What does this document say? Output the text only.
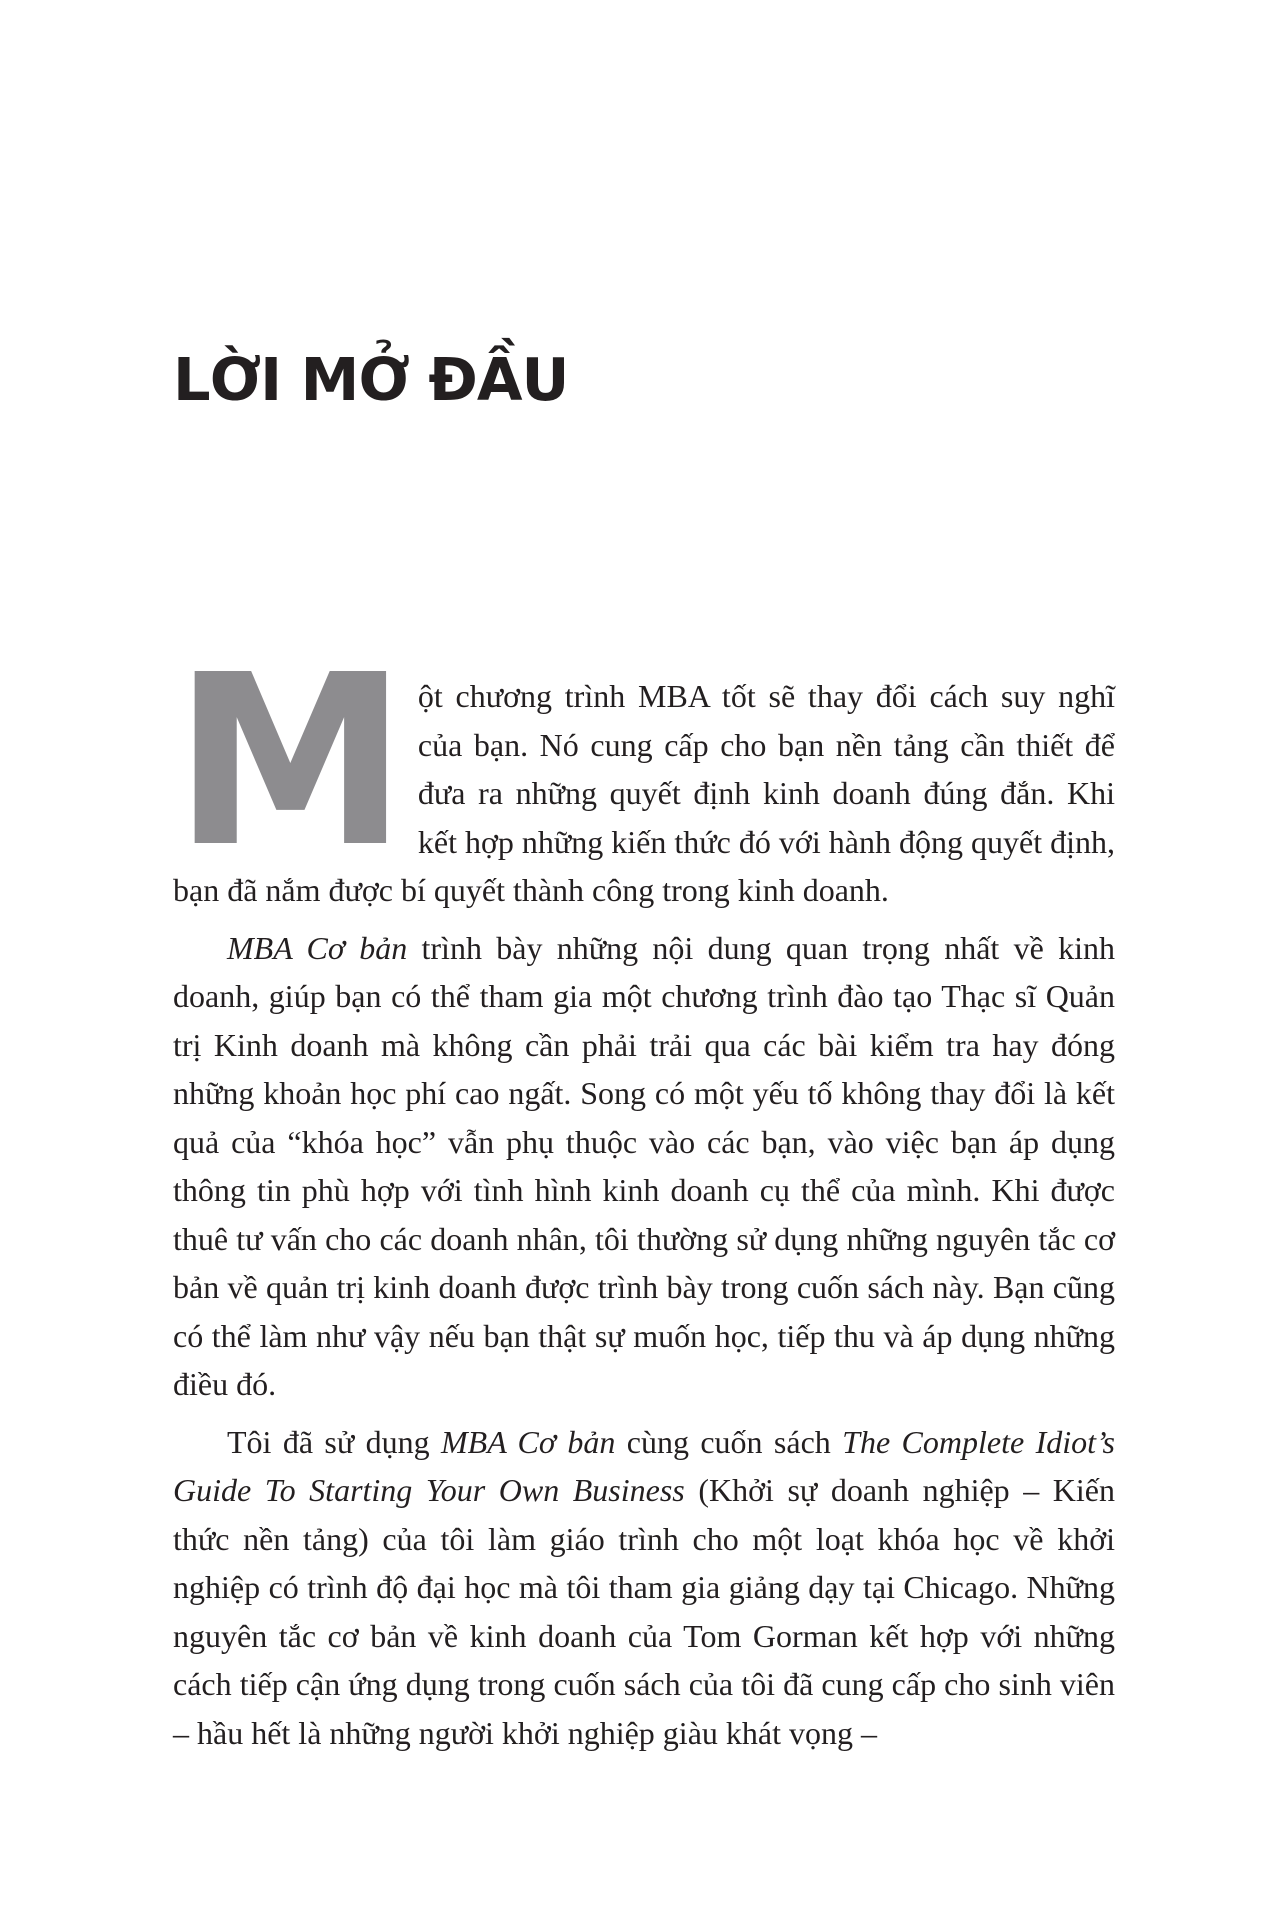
LỜI MỞ ĐẦU

Một chương trình MBA tốt sẽ thay đổi cách suy nghĩ của bạn. Nó cung cấp cho bạn nền tảng cần thiết để đưa ra những quyết định kinh doanh đúng đắn. Khi kết hợp những kiến thức đó với hành động quyết định, bạn đã nắm được bí quyết thành công trong kinh doanh.

MBA Cơ bản trình bày những nội dung quan trọng nhất về kinh doanh, giúp bạn có thể tham gia một chương trình đào tạo Thạc sĩ Quản trị Kinh doanh mà không cần phải trải qua các bài kiểm tra hay đóng những khoản học phí cao ngất. Song có một yếu tố không thay đổi là kết quả của “khóa học” vẫn phụ thuộc vào các bạn, vào việc bạn áp dụng thông tin phù hợp với tình hình kinh doanh cụ thể của mình. Khi được thuê tư vấn cho các doanh nhân, tôi thường sử dụng những nguyên tắc cơ bản về quản trị kinh doanh được trình bày trong cuốn sách này. Bạn cũng có thể làm như vậy nếu bạn thật sự muốn học, tiếp thu và áp dụng những điều đó.

Tôi đã sử dụng MBA Cơ bản cùng cuốn sách The Complete Idiot’s Guide To Starting Your Own Business (Khởi sự doanh nghiệp – Kiến thức nền tảng) của tôi làm giáo trình cho một loạt khóa học về khởi nghiệp có trình độ đại học mà tôi tham gia giảng dạy tại Chicago. Những nguyên tắc cơ bản về kinh doanh của Tom Gorman kết hợp với những cách tiếp cận ứng dụng trong cuốn sách của tôi đã cung cấp cho sinh viên – hầu hết là những người khởi nghiệp giàu khát vọng –
